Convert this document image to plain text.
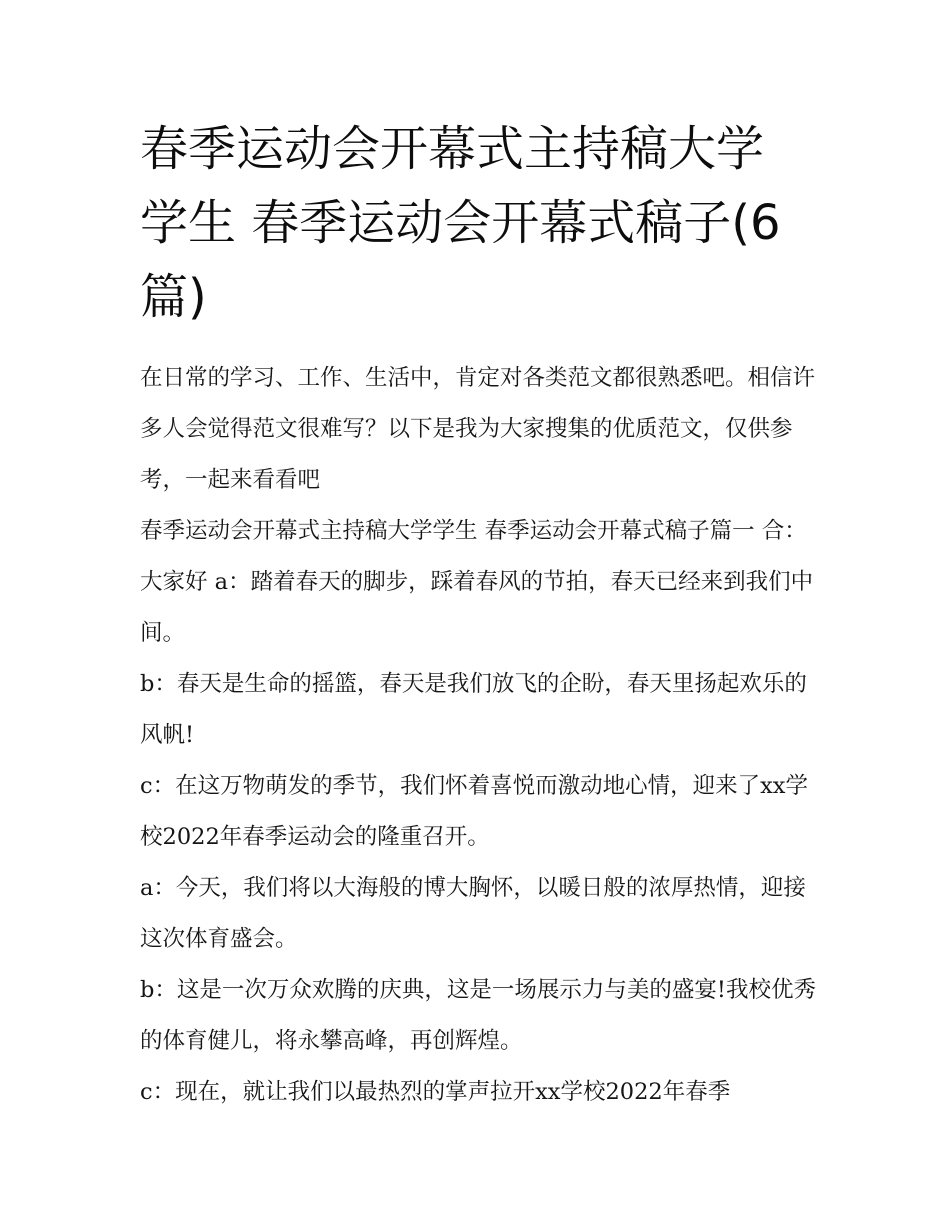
春季运动会开幕式主持稿大学学生 春季运动会开幕式稿子(6篇)

在日常的学习、工作、生活中，肯定对各类范文都很熟悉吧。相信许多人会觉得范文很难写？以下是我为大家搜集的优质范文，仅供参考，一起来看看吧

春季运动会开幕式主持稿大学学生 春季运动会开幕式稿子篇一 合：大家好 a：踏着春天的脚步，踩着春风的节拍，春天已经来到我们中间。

b：春天是生命的摇篮，春天是我们放飞的企盼，春天里扬起欢乐的风帆!

c：在这万物萌发的季节，我们怀着喜悦而激动地心情，迎来了xx学校2022年春季运动会的隆重召开。

a：今天，我们将以大海般的博大胸怀，以暖日般的浓厚热情，迎接这次体育盛会。

b：这是一次万众欢腾的庆典，这是一场展示力与美的盛宴!我校优秀的体育健儿，将永攀高峰，再创辉煌。

c：现在，就让我们以最热烈的掌声拉开xx学校2022年春季
